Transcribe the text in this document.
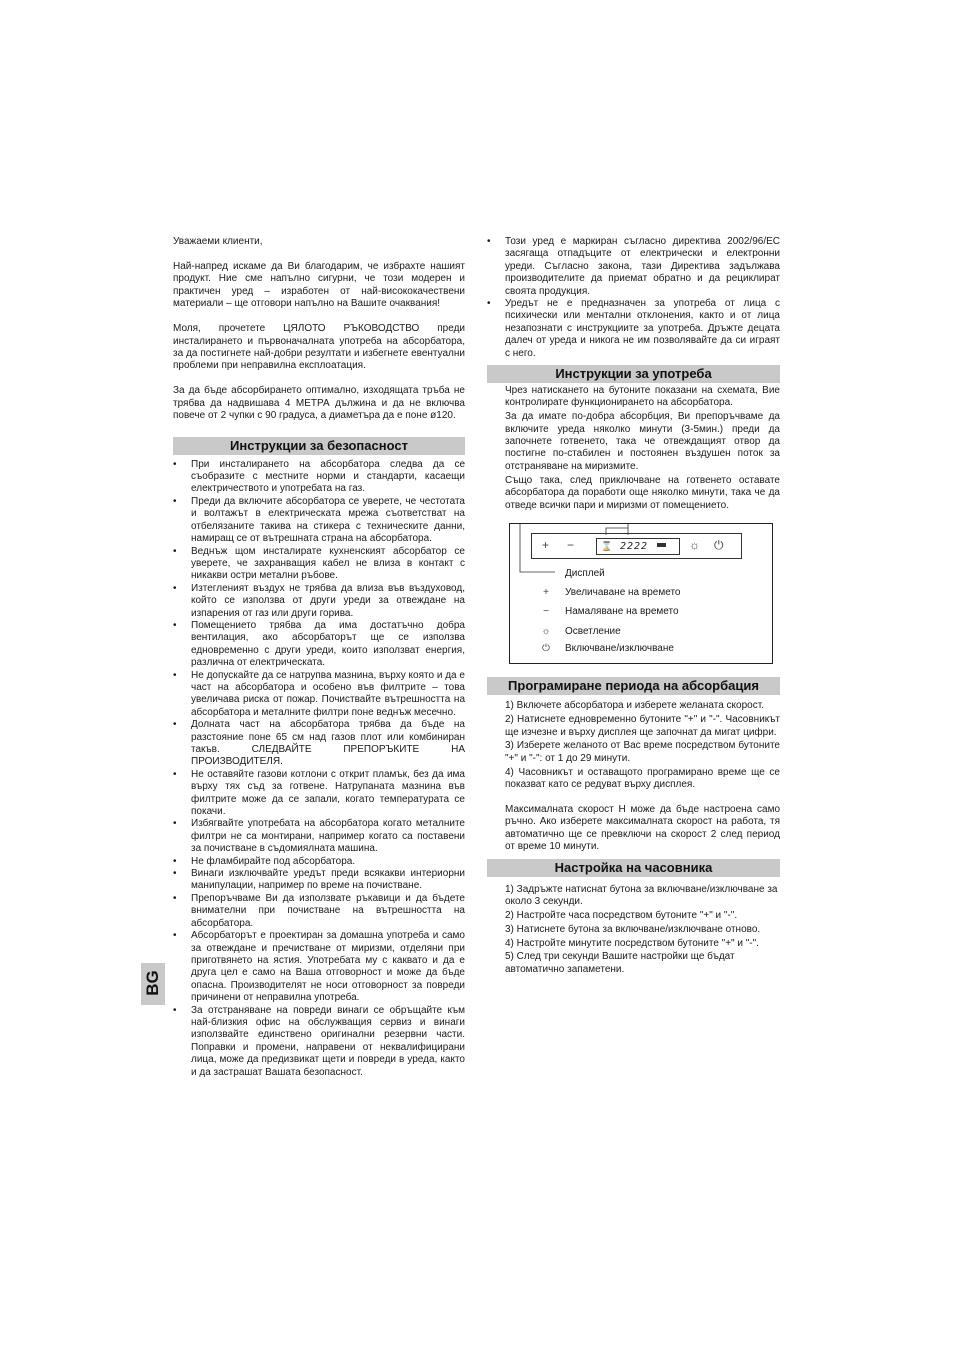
BG

Уважаеми клиенти,

Най-напред искаме да Ви благодарим, че избрахте нашият продукт. Ние сме напълно сигурни, че този модерен и практичен уред – изработен от най-висококачествени материали – ще отговори напълно на Вашите очаквания!

Моля, прочетете ЦЯЛОТО РЪКОВОДСТВО преди инсталирането и първоначалната употреба на абсорбатора, за да постигнете най-добри резултати и избегнете евентуални проблеми при неправилна експлоатация.

За да бъде абсорбирането оптимално, изходящата тръба не трябва да надвишава 4 МЕТРА дължина и да не включва повече от 2 чупки с 90 градуса, а диаметъра да е поне ø120.

Инструкции за безопасност
• При инсталирането на абсорбатора следва да се съобразите с местните норми и стандарти, касаещи електричеството и употребата на газ.
• Преди да включите абсорбатора се уверете, че честотата и волтажът в електрическата мрежа съответстват на отбелязаните такива на стикера с техническите данни, намиращ се от вътрешната страна на абсорбатора.
• Веднъж щом инсталирате кухненският абсорбатор се уверете, че захранващия кабел не влизa в контакт с никакви остри метални ръбове.
• Изтегленият въздух не трябва да влиза във въздуховод, който се използва от други уреди за отвеждане на изпарения от газ или други горива.
• Помещението трябва да има достатъчно добра вентилация, ако абсорбаторът ще се използва едновременно с други уреди, които използват енергия, различна от електрическата.
• Не допускайте да се натрупва мазнина, върху която и да е част на абсорбатора и особено във филтрите – това увеличава риска от пожар. Почиствайте вътрешността на абсорбатора и металните филтри поне веднъж месечно.
• Долната част на абсорбатора трябва да бъде на разстояние поне 65 см над газов плот или комбиниран такъв. СЛЕДВАЙТЕ ПРЕПОРЪКИТЕ НА ПРОИЗВОДИТЕЛЯ.
• Не оставяйте газови котлони с открит пламък, без да има върху тях съд за готвене. Натрупаната мазнина във филтрите може да се запали, когато температурата се покачи.
• Избягвайте употребата на абсорбатора когато металните филтри не са монтирани, например когато са поставени за почистване в съдомиялната машина.
• Не фламбирайте под абсорбатора.
• Винаги изключвайте уредът преди всякакви интериорни манипулации, например по време на почистване.
• Препоръчваме Ви да използвате ръкавици и да бъдете внимателни при почистване на вътрешността на абсорбатора.
• Абсорбаторът е проектиран за домашна употреба и само за отвеждане и пречистване от миризми, отделяни при приготвянето на ястия. Употребата му с каквато и да е друга цел е само на Ваша отговорност и може да бъде опасна. Производителят не носи отговорност за повреди причинени от неправилна употреба.
• За отстраняване на повреди винаги се обръщайте към най-близкия офис на обслужващия сервиз и винаги използвайте единствено оригинални резервни части. Поправки и промени, направени от неквалифицирани лица, може да предизвикат щети и повреди в уреда, както и да застрашат Вашата безопасност.
• Този уред е маркиран съгласно директива 2002/96/ЕС засягаща отпадъците от електрически и електронни уреди. Съгласно закона, тази Директива задължава производителите да приемат обратно и да рециклират своята продукция.
• Уредът не е предназначен за употреба от лица с психически или ментални отклонения, както и от лица незапознати с инструкциите за употреба. Дръжте децата далеч от уреда и никога не им позволявайте да си играят с него.
Инструкции за употреба

Чрез натискането на бутоните показани на схемата, Вие контролирате функционирането на абсорбатора.

За да имате по-добра абсорбция, Ви препоръчваме да включите уреда няколко минути (3-5мин.) преди да започнете готвенето, така че отвеждащият отвор да постигне по-стабилен и постоянен въздушен поток за отстраняване на миризмите.

Също така, след приключване на готвенето оставате абсорбатора да поработи още няколко минути, така че да отведе всички пари и миризми от помещението.

+ −	⌛ 2222	☼ ⏻
Дисплей
+ Увеличаване на времето
− Намаляване на времето
☼ Осветление
⏻ Включване/изключване
Програмиране периода на абсорбация

1) Включете абсорбатора и изберете желаната скорост.

2) Натиснете едновременно бутоните "+" и "-". Часовникът ще изчезне и върху дисплея ще започнат да мигат цифри.

3) Изберете желаното от Вас време посредством бутоните "+" и "-": от 1 до 29 минути.

4) Часовникът и оставащото програмирано време ще се показват като се редуват върху дисплея.

Максималната скорост Н може да бъде настроена само ръчно. Ако изберете максималната скорост на работа, тя автоматично ще се превключи на скорост 2 след период от време 10 минути.

Настройка на часовника

1) Задръжте натиснат бутона за включване/изключване за около 3 секунди.

2) Настройте часа посредством бутоните "+" и "-".

3) Натиснете бутона за включване/изключване отново.

4) Настройте минутите посредством бутоните "+" и "-".

5) След три секунди Вашите настройки ще бъдат автоматично запаметени.
